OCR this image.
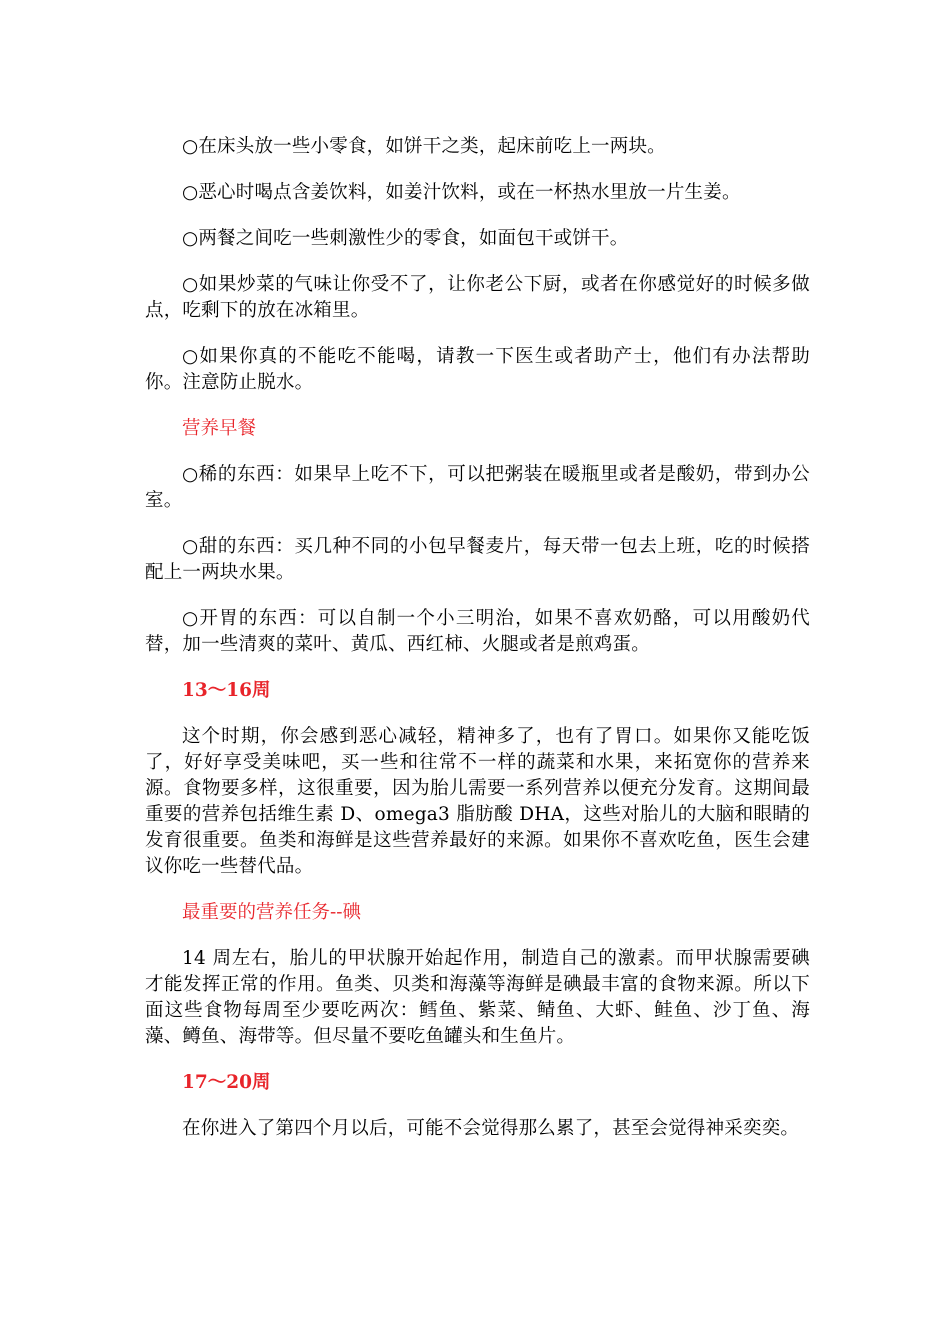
○在床头放一些小零食，如饼干之类，起床前吃上一两块。

○恶心时喝点含姜饮料，如姜汁饮料，或在一杯热水里放一片生姜。

○两餐之间吃一些刺激性少的零食，如面包干或饼干。

○如果炒菜的气味让你受不了，让你老公下厨，或者在你感觉好的时候多做点，吃剩下的放在冰箱里。

○如果你真的不能吃不能喝，请教一下医生或者助产士，他们有办法帮助你。注意防止脱水。

营养早餐

○稀的东西：如果早上吃不下，可以把粥装在暖瓶里或者是酸奶，带到办公室。

○甜的东西：买几种不同的小包早餐麦片，每天带一包去上班，吃的时候搭配上一两块水果。

○开胃的东西：可以自制一个小三明治，如果不喜欢奶酪，可以用酸奶代替，加一些清爽的菜叶、黄瓜、西红柿、火腿或者是煎鸡蛋。

13～16周

这个时期，你会感到恶心减轻，精神多了，也有了胃口。如果你又能吃饭了，好好享受美味吧，买一些和往常不一样的蔬菜和水果，来拓宽你的营养来源。食物要多样，这很重要，因为胎儿需要一系列营养以便充分发育。这期间最重要的营养包括维生素 D、omega3 脂肪酸 DHA，这些对胎儿的大脑和眼睛的发育很重要。鱼类和海鲜是这些营养最好的来源。如果你不喜欢吃鱼，医生会建议你吃一些替代品。

最重要的营养任务--碘

14 周左右，胎儿的甲状腺开始起作用，制造自己的激素。而甲状腺需要碘才能发挥正常的作用。鱼类、贝类和海藻等海鲜是碘最丰富的食物来源。所以下面这些食物每周至少要吃两次：鳕鱼、紫菜、鲭鱼、大虾、鲑鱼、沙丁鱼、海藻、鳟鱼、海带等。但尽量不要吃鱼罐头和生鱼片。

17～20周

在你进入了第四个月以后，可能不会觉得那么累了，甚至会觉得神采奕奕。
